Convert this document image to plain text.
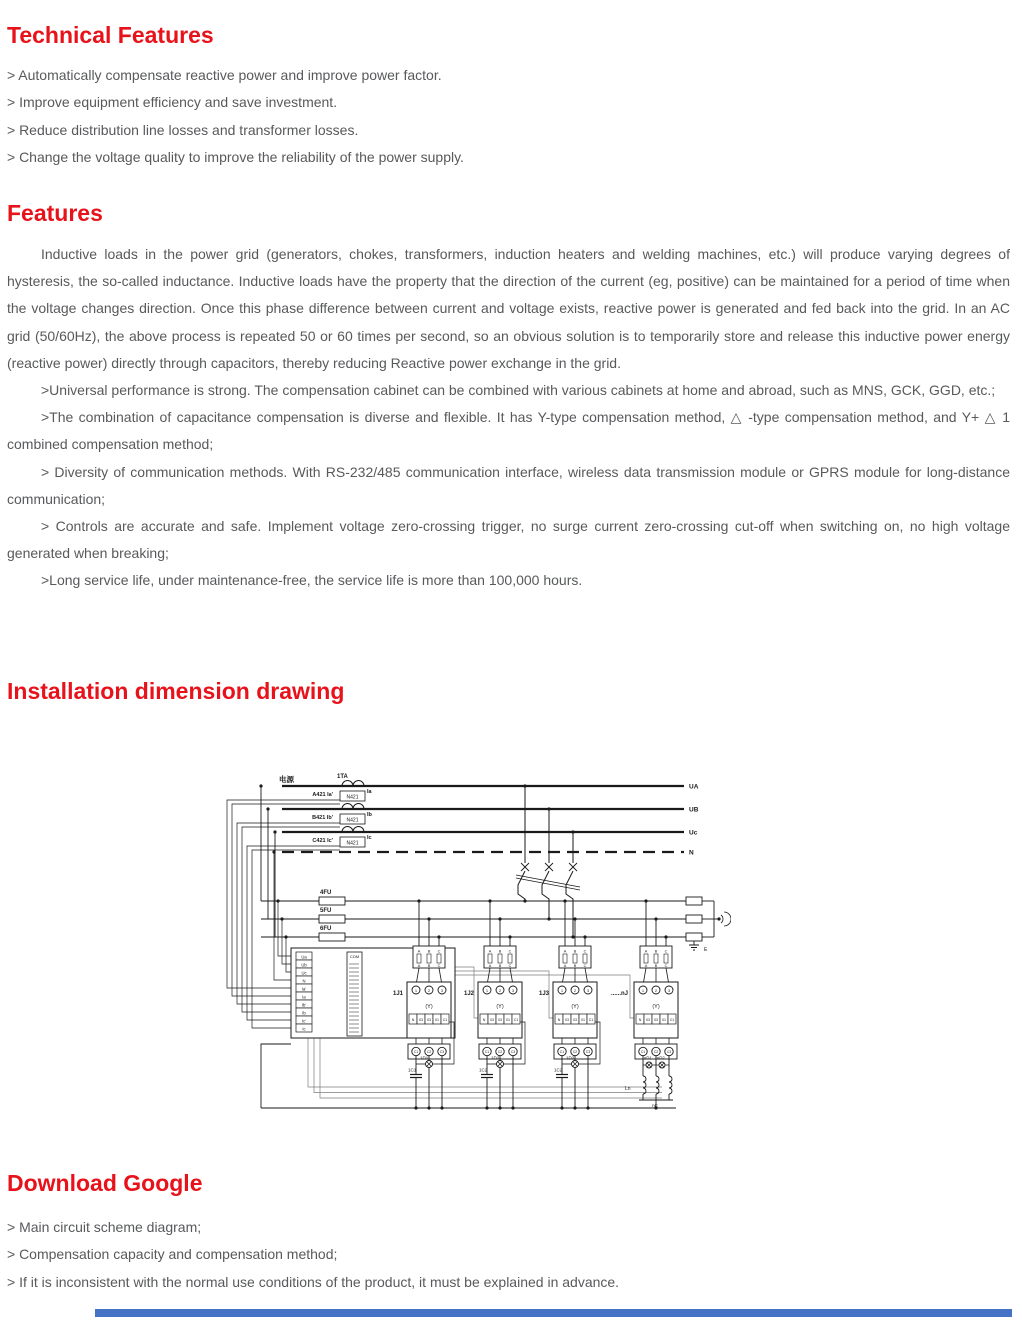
Technical Features
> Automatically compensate reactive power and improve power factor.
> Improve equipment efficiency and save investment.
> Reduce distribution line losses and transformer losses.
> Change the voltage quality to improve the reliability of the power supply.
Features

Inductive loads in the power grid (generators, chokes, transformers, induction heaters and welding machines, etc.) will produce varying degrees of hysteresis, the so-called inductance. Inductive loads have the property that the direction of the current (eg, positive) can be maintained for a period of time when the voltage changes direction. Once this phase difference between current and voltage exists, reactive power is generated and fed back into the grid. In an AC grid (50/60Hz), the above process is repeated 50 or 60 times per second, so an obvious solution is to temporarily store and release this inductive power energy (reactive power) directly through capacitors, thereby reducing Reactive power exchange in the grid.

>Universal performance is strong. The compensation cabinet can be combined with various cabinets at home and abroad, such as MNS, GCK, GGD, etc.;

>The combination of capacitance compensation is diverse and flexible. It has Y-type compensation method, △ -type compensation method, and Y+ △ 1 combined compensation method;

> Diversity of communication methods. With RS-232/485 communication interface, wireless data transmission module or GPRS module for long-distance communication;

> Controls are accurate and safe. Implement voltage zero-crossing trigger, no surge current zero-crossing cut-off when switching on, no high voltage generated when breaking;

>Long service life, under maintenance-free, the service life is more than 100,000 hours.

Installation dimension drawing
Ua
Ub
Uc
N
Ia'
Ia
Ib'
Ib
Ic'
Ic
A
A
B
B
C
C
1J1
1	2	3
(Y)
N 03 03 01 C1
C1	C2	C3
1D1
1C1
A
A
B
B
C
C
1J2
1	2	3
(Y)
N 03 03 01 C1
C1	C2	C3
1D2
1C2
A
A
B
B
C
C
1J3
1	2	3
(Y)
N 03 03 01 C1
C1	C2	C3
1D2
1C2
A
A
B
B
C
C
......nJ
1	2	3
(Y)
N 03 03 01 C1
C1	C2	C3
nD1 nD2
Ln
nC
电源	1TA
A421 Ia'	N421
Ia
B421 Ib'	N421
Ib
C421 Ic'	N421
Ic
UA
UB
Uc
N
4FU
5FU
6FU
COM
E
Download Google
> Main circuit scheme diagram;
> Compensation capacity and compensation method;
> If it is inconsistent with the normal use conditions of the product, it must be explained in advance.
